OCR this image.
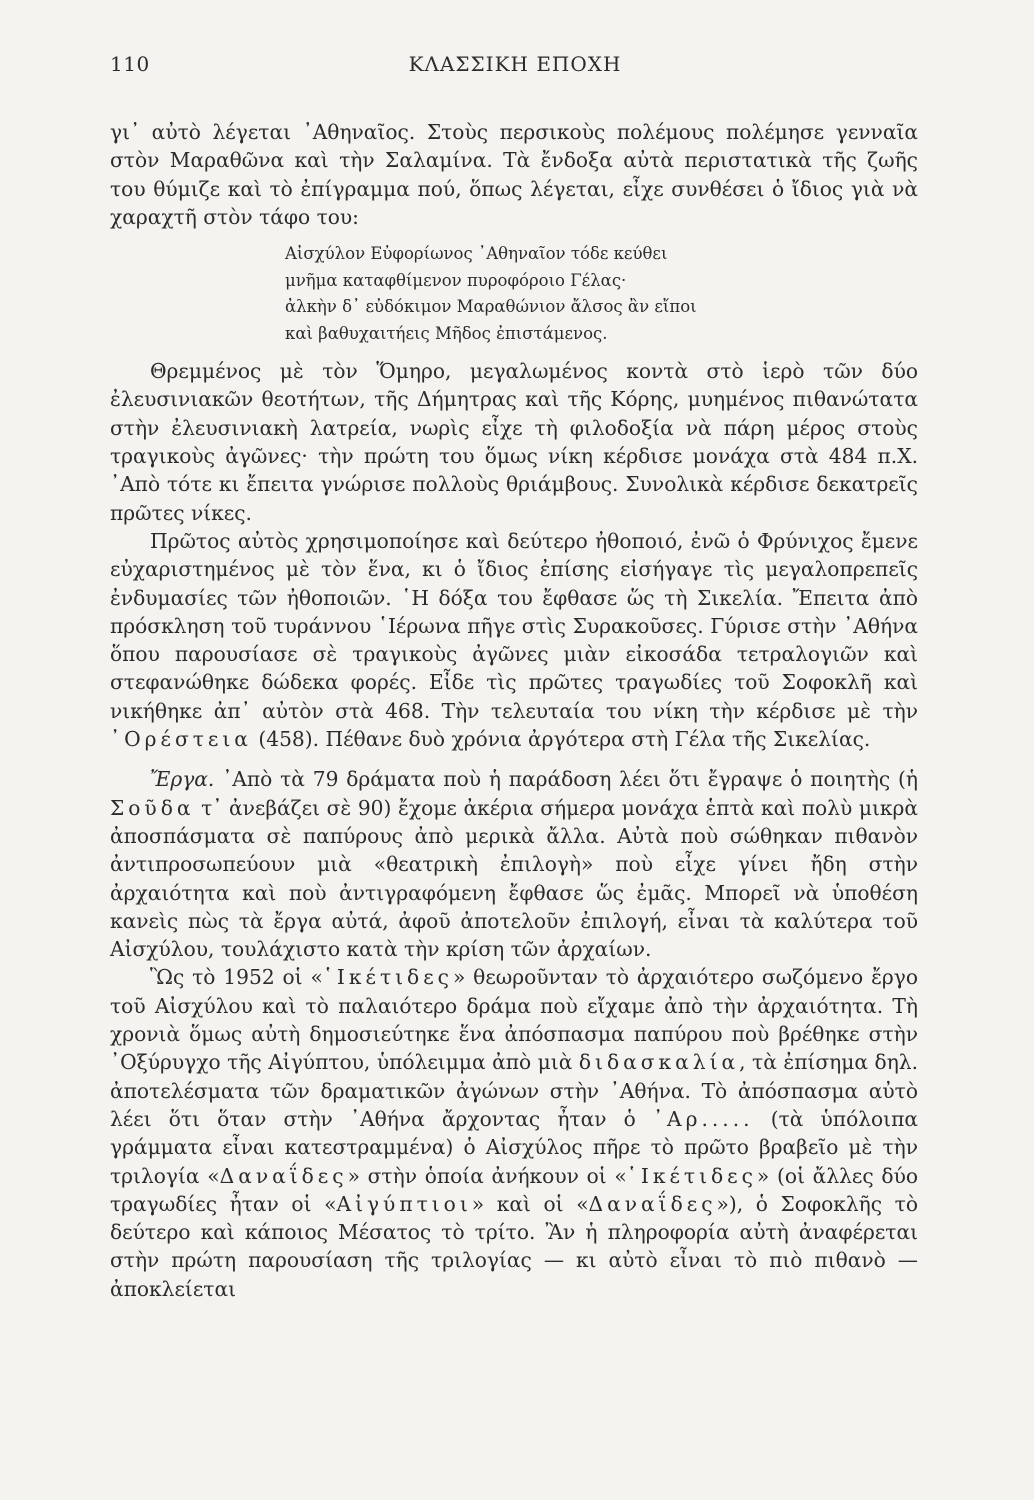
110	ΚΛΑΣΣΙΚΗ ΕΠΟΧΗ

γι᾽ αὐτὸ λέγεται ᾽Αθηναῖος. Στοὺς περσικοὺς πολέμους πολέμησε γενναῖα στὸν Μαραθῶνα καὶ τὴν Σαλαμίνα. Τὰ ἔνδοξα αὐτὰ περιστατικὰ τῆς ζωῆς του θύμιζε καὶ τὸ ἐπίγραμμα πού, ὅπως λέγεται, εἶχε συνθέσει ὁ ἴδιος γιὰ νὰ χαραχτῆ στὸν τάφο του:

Αἰσχύλον Εὐφορίωνος ᾽Αθηναῖον τόδε κεύθει
μνῆμα καταφθίμενον πυροφόροιο Γέλας·
ἀλκὴν δ᾽ εὐδόκιμον Μαραθώνιον ἄλσος ἂν εἴποι
καὶ βαθυχαιτήεις Μῆδος ἐπιστάμενος.

Θρεμμένος μὲ τὸν Ὅμηρο, μεγαλωμένος κοντὰ στὸ ἱερὸ τῶν δύο ἐλευσινιακῶν θεοτήτων, τῆς Δήμητρας καὶ τῆς Κόρης, μυημένος πιθανώτατα στὴν ἐλευσινιακὴ λατρεία, νωρὶς εἶχε τὴ φιλοδοξία νὰ πάρη μέρος στοὺς τραγικοὺς ἀγῶνες· τὴν πρώτη του ὅμως νίκη κέρδισε μονάχα στὰ 484 π.Χ. ᾽Απὸ τότε κι ἔπειτα γνώρισε πολλοὺς θριάμβους. Συνολικὰ κέρδισε δεκατρεῖς πρῶτες νίκες.

Πρῶτος αὐτὸς χρησιμοποίησε καὶ δεύτερο ἠθοποιό, ἐνῶ ὁ Φρύνιχος ἔμενε εὐχαριστημένος μὲ τὸν ἕνα, κι ὁ ἴδιος ἐπίσης εἰσήγαγε τὶς μεγαλοπρεπεῖς ἐνδυμασίες τῶν ἠθοποιῶν. ῾Η δόξα του ἔφθασε ὥς τὴ Σικελία. Ἔπειτα ἀπὸ πρόσκληση τοῦ τυράννου ῾Ιέρωνα πῆγε στὶς Συρακοῦσες. Γύρισε στὴν ᾽Αθήνα ὅπου παρουσίασε σὲ τραγικοὺς ἀγῶνες μιὰν εἰκοσάδα τετραλογιῶν καὶ στεφανώθηκε δώδεκα φορές. Εἶδε τὶς πρῶτες τραγωδίες τοῦ Σοφοκλῆ καὶ νικήθηκε ἀπ᾽ αὐτὸν στὰ 468. Τὴν τελευταία του νίκη τὴν κέρδισε μὲ τὴν ᾽Ορέστεια (458). Πέθανε δυὸ χρόνια ἀργότερα στὴ Γέλα τῆς Σικελίας.

Ἔργα. ᾽Απὸ τὰ 79 δράματα ποὺ ἡ παράδοση λέει ὅτι ἔγραψε ὁ ποιητὴς (ἡ Σοῦδα τ᾽ ἀνεβάζει σὲ 90) ἔχομε ἀκέρια σήμερα μονάχα ἑπτὰ καὶ πολὺ μικρὰ ἀποσπάσματα σὲ παπύρους ἀπὸ μερικὰ ἄλλα. Αὐτὰ ποὺ σώθηκαν πιθανὸν ἀντιπροσωπεύουν μιὰ «θεατρικὴ ἐπιλογὴ» ποὺ εἶχε γίνει ἤδη στὴν ἀρχαιότητα καὶ ποὺ ἀντιγραφόμενη ἔφθασε ὥς ἐμᾶς. Μπορεῖ νὰ ὑποθέση κανεὶς πὼς τὰ ἔργα αὐτά, ἀφοῦ ἀποτελοῦν ἐπιλογή, εἶναι τὰ καλύτερα τοῦ Αἰσχύλου, τουλάχιστο κατὰ τὴν κρίση τῶν ἀρχαίων.

Ὣς τὸ 1952 οἱ «῾Ικέτιδες» θεωροῦνταν τὸ ἀρχαιότερο σωζόμενο ἔργο τοῦ Αἰσχύλου καὶ τὸ παλαιότερο δράμα ποὺ εἴχαμε ἀπὸ τὴν ἀρχαιότητα. Τὴ χρονιὰ ὅμως αὐτὴ δημοσιεύτηκε ἕνα ἀπόσπασμα παπύρου ποὺ βρέθηκε στὴν ᾽Οξύρυγχο τῆς Αἰγύπτου, ὑπόλειμμα ἀπὸ μιὰ διδασκαλία, τὰ ἐπίσημα δηλ. ἀποτελέσματα τῶν δραματικῶν ἀγώνων στὴν ᾽Αθήνα. Τὸ ἀπόσπασμα αὐτὸ λέει ὅτι ὅταν στὴν ᾽Αθήνα ἄρχοντας ἦταν ὁ ᾽Αρ..... (τὰ ὑπόλοιπα γράμματα εἶναι κατεστραμμένα) ὁ Αἰσχύλος πῆρε τὸ πρῶτο βραβεῖο μὲ τὴν τριλογία «Δαναΐδες» στὴν ὁποία ἀνήκουν οἱ «῾Ικέτιδες» (οἱ ἄλλες δύο τραγωδίες ἦταν οἱ «Αἰγύπτιοι» καὶ οἱ «Δαναΐδες»), ὁ Σοφοκλῆς τὸ δεύτερο καὶ κάποιος Μέσατος τὸ τρίτο. Ἂν ἡ πληροφορία αὐτὴ ἀναφέρεται στὴν πρώτη παρουσίαση τῆς τριλογίας — κι αὐτὸ εἶναι τὸ πιὸ πιθανὸ — ἀποκλείεται
